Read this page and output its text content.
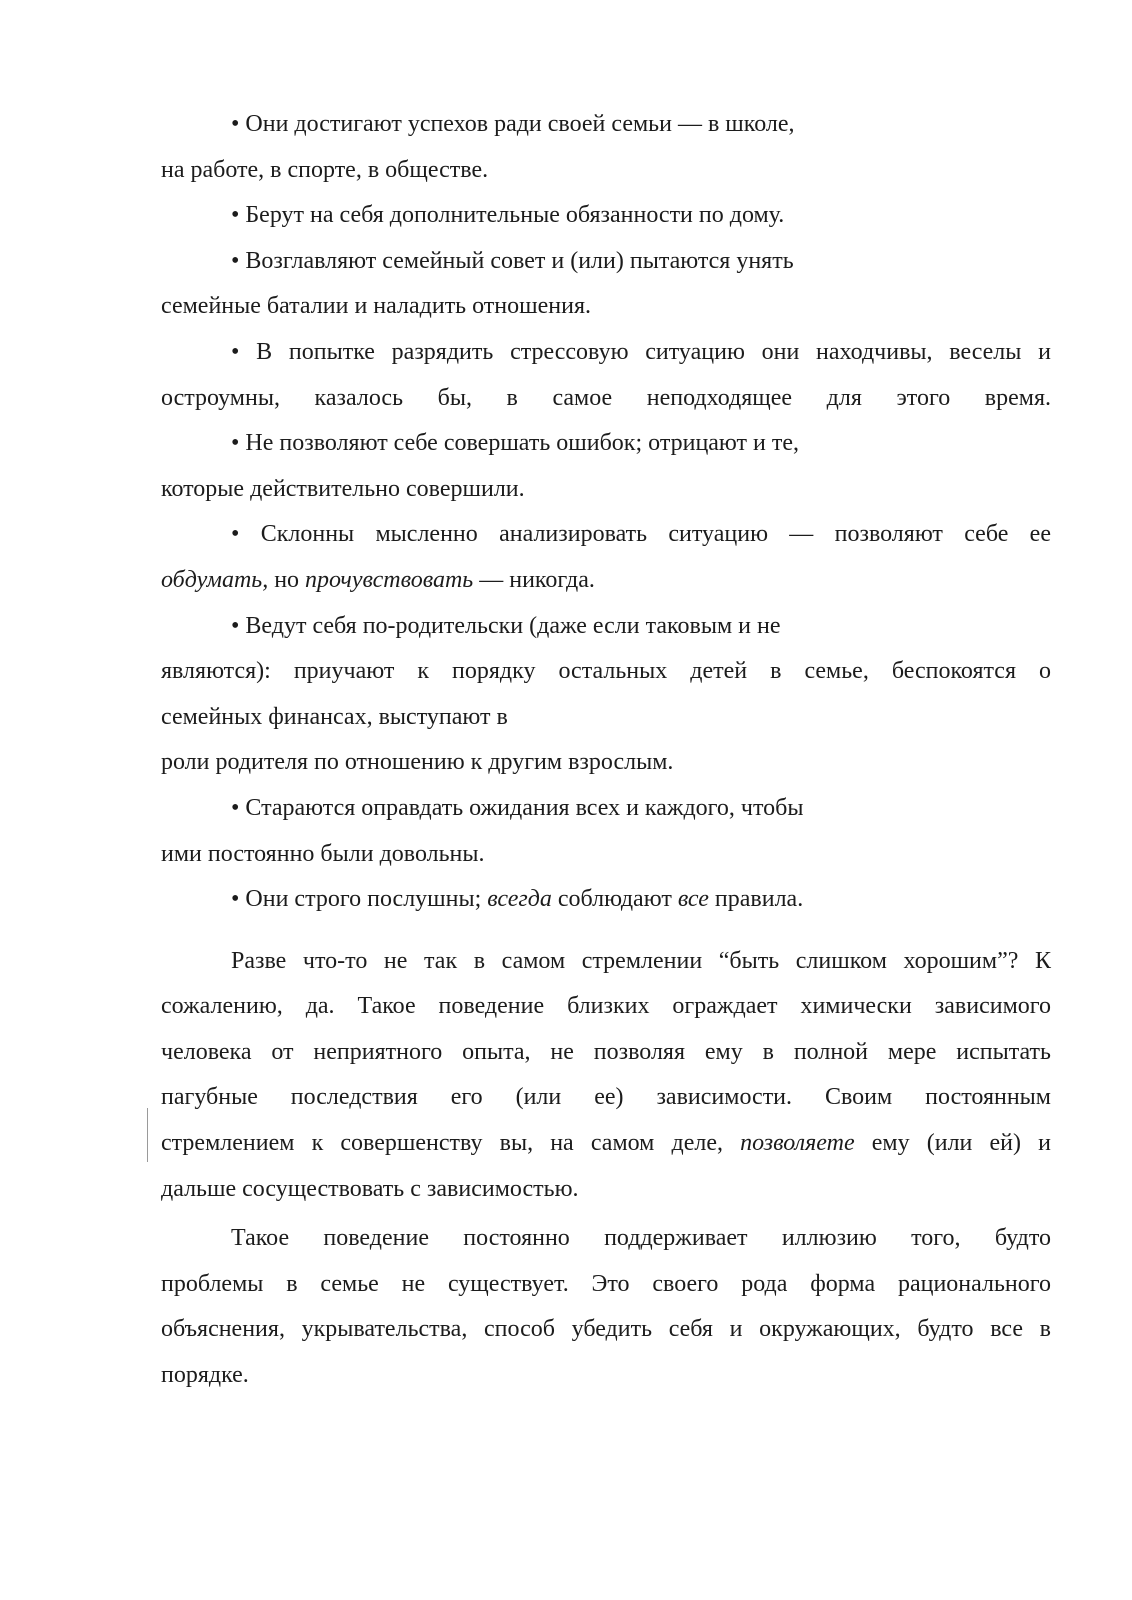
• Они достигают успехов ради своей семьи — в школе,
на работе, в спорте, в обществе.
• Берут на себя дополнительные обязанности по дому.
• Возглавляют семейный совет и (или) пытаются унять
семейные баталии и наладить отношения.
• В попытке разрядить стрессовую ситуацию они находчивы, веселы и
остроумны, казалось бы, в самое неподходящее для этого время.
• Не позволяют себе совершать ошибок; отрицают и те,
которые действительно совершили.
• Склонны мысленно анализировать ситуацию — позволяют себе ее
обдумать, но прочувствовать — никогда.
• Ведут себя по-родительски (даже если таковым и не
являются): приучают к порядку остальных детей в семье, беспокоятся о
семейных финансах, выступают в
роли родителя по отношению к другим взрослым.
• Стараются оправдать ожидания всех и каждого, чтобы
ими постоянно были довольны.
• Они строго послушны; всегда соблюдают все правила.
Разве что-то не так в самом стремлении “быть слишком хорошим”? К
сожалению, да. Такое поведение близких ограждает химически зависимого
человека от неприятного опыта, не позволяя ему в полной мере испытать
пагубные последствия его (или ее) зависимости. Своим постоянным
стремлением к совершенству вы, на самом деле, позволяете ему (или ей) и
дальше сосуществовать с зависимостью.
Такое поведение постоянно поддерживает иллюзию того, будто
проблемы в семье не существует. Это своего рода форма рационального
объяснения, укрывательства, способ убедить себя и окружающих, будто все в
порядке.
